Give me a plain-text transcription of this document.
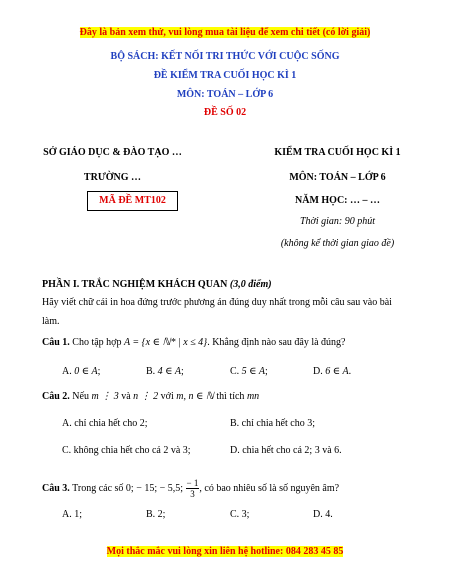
Đây là bản xem thử, vui lòng mua tài liệu để xem chi tiết (có lời giải)
BỘ SÁCH: KẾT NỐI TRI THỨC VỚI CUỘC SỐNG
ĐỀ KIỂM TRA CUỐI HỌC KÌ 1
MÔN: TOÁN – LỚP 6
ĐỀ SỐ 02
SỞ GIÁO DỤC & ĐÀO TẠO …
TRƯỜNG …
MÃ ĐỀ MT102
KIỂM TRA CUỐI HỌC KÌ 1
MÔN: TOÁN – LỚP 6
NĂM HỌC: … – …
Thời gian: 90 phút
(không kể thời gian giao đề)
PHẦN I. TRẮC NGHIỆM KHÁCH QUAN (3,0 điểm)
Hãy viết chữ cái in hoa đứng trước phương án đúng duy nhất trong mỗi câu sau vào bài
làm.
Câu 1. Cho tập hợp A = {x ∈ ℕ* | x ≤ 4}. Khẳng định nào sau đây là đúng?
A. 0 ∈ A;	B. 4 ∈ A;	C. 5 ∈ A;	D. 6 ∈ A.
Câu 2. Nếu m ⋮ 3 và n ⋮ 2 với m, n ∈ ℕ thì tích mn
A. chỉ chia hết cho 2;	B. chỉ chia hết cho 3;
C. không chia hết cho cả 2 và 3;	D. chia hết cho cả 2; 3 và 6.
Câu 3. Trong các số 0; − 15; − 5,5; $\frac{- 1}{3}$ , có bao nhiêu số là số nguyên âm?
A. 1;	B. 2;	C. 3;	D. 4.
Mọi thắc mắc vui lòng xin liên hệ hotline: 084 283 45 85
